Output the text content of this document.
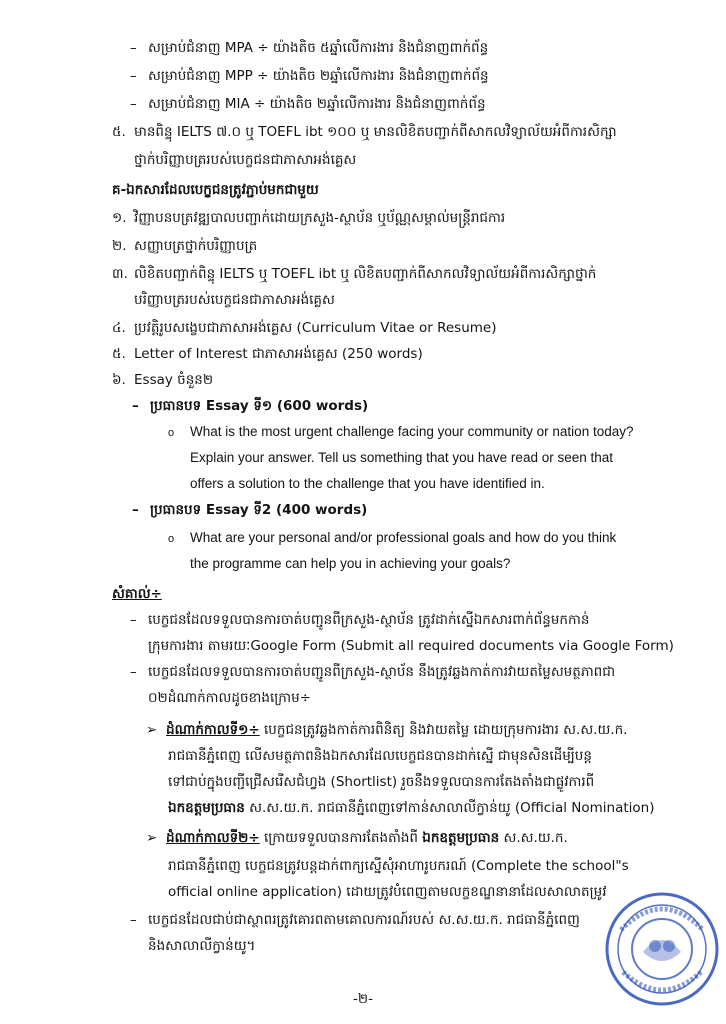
– សម្រាប់ជំនាញ MPA ÷ យ៉ាងតិច ៥ឆ្នាំលើការងារ និងជំនាញពាក់ព័ន្ធ
– សម្រាប់ជំនាញ MPP ÷ យ៉ាងតិច ២ឆ្នាំលើការងារ និងជំនាញពាក់ព័ន្ធ
– សម្រាប់ជំនាញ MIA ÷ យ៉ាងតិច ២ឆ្នាំលើការងារ និងជំនាញពាក់ព័ន្ធ
៥. មានពិន្ទុ IELTS ៧.០ ឬ TOEFL ibt ១០០ ឬ មានលិខិតបញ្ជាក់ពីសាកលវិទ្យាល័យអំពីការសិក្សា
ថ្នាក់បរិញ្ញាបត្ររបស់បេក្ខជនជាភាសាអង់គ្លេស
គ-ឯកសារដែលបេក្ខជនត្រូវភ្ជាប់មកជាមួយ
១. វិញ្ញាបនបត្រវឌ្ឍបាលបញ្ជាក់ដោយក្រសួង-ស្ថាប័ន ឬប័ណ្ណសម្គាល់មន្ត្រីរាជការ
២. សញ្ញាបត្រថ្នាក់បរិញ្ញាបត្រ
៣. លិខិតបញ្ជាក់ពិន្ទុ IELTS ឬ TOEFL ibt ឬ លិខិតបញ្ជាក់ពីសាកលវិទ្យាល័យអំពីការសិក្សាថ្នាក់
បរិញ្ញាបត្ររបស់បេក្ខជនជាភាសាអង់គ្លេស
៤. ប្រវត្តិរូបសង្ខេបជាភាសាអង់គ្លេស (Curriculum Vitae or Resume)
៥. Letter of Interest ជាភាសាអង់គ្លេស (250 words)
៦. Essay ចំនួន២
– ប្រធានបទ Essay ទី១ (600 words)
o What is the most urgent challenge facing your community or nation today?
Explain your answer. Tell us something that you have read or seen that
offers a solution to the challenge that you have identified in.
– ប្រធានបទ Essay ទី2 (400 words)
o What are your personal and/or professional goals and how do you think
the programme can help you in achieving your goals?
សំគាល់÷
– បេក្ខជនដែលទទួលបានការចាត់បញ្ជូនពីក្រសួង-ស្ថាប័ន ត្រូវដាក់ស្នើឯកសារពាក់ព័ន្ធមកកាន់
ក្រុមការងារ តាមរយៈGoogle Form (Submit all required documents via Google Form)
– បេក្ខជនដែលទទួលបានការចាត់បញ្ជូនពីក្រសួង-ស្ថាប័ន នឹងត្រូវឆ្លងកាត់ការវាយតម្លៃសមត្ថភាពជា
០២ដំណាក់កាលដូចខាងក្រោម÷
➢ ដំណាក់កាលទី១÷ បេក្ខជនត្រូវឆ្លងកាត់ការពិនិត្យ និងវាយតម្លៃ ដោយក្រុមការងារ ស.ស.យ.ក.
រាជធានីភ្នំពេញ លើសមត្ថភាពនិងឯកសារដែលបេក្ខជនបានដាក់ស្នើ ជាមុនសិនដើម្បីបន្ត
ទៅជាប់ក្នុងបញ្ជីជ្រើសរើសជំហ្វង (Shortlist) រួចនឹងទទួលបានការតែងតាំងជាផ្លូវការពី
ឯកឧត្តមប្រធាន ស.ស.យ.ក. រាជធានីភ្នំពេញទៅកាន់សាលាលីក្វាន់យូ (Official Nomination)
➢ ដំណាក់កាលទី២÷ ក្រោយទទួលបានការតែងតាំងពី ឯកឧត្តមប្រធាន ស.ស.យ.ក.
រាជធានីភ្នំពេញ បេក្ខជនត្រូវបន្តដាក់ពាក្យស្នើសុំអាហារូបករណ៍ (Complete the school"s
official online application) ដោយត្រូវបំពេញតាមលក្ខខណ្ឌនានាដែលសាលាតម្រូវ
– បេក្ខជនដែលជាប់ជាស្ថាពរត្រូវគោរពតាមគោលការណ៍របស់ ស.ស.យ.ក. រាជធានីភ្នំពេញ
និងសាលាលីក្វាន់យូ។
-២-
